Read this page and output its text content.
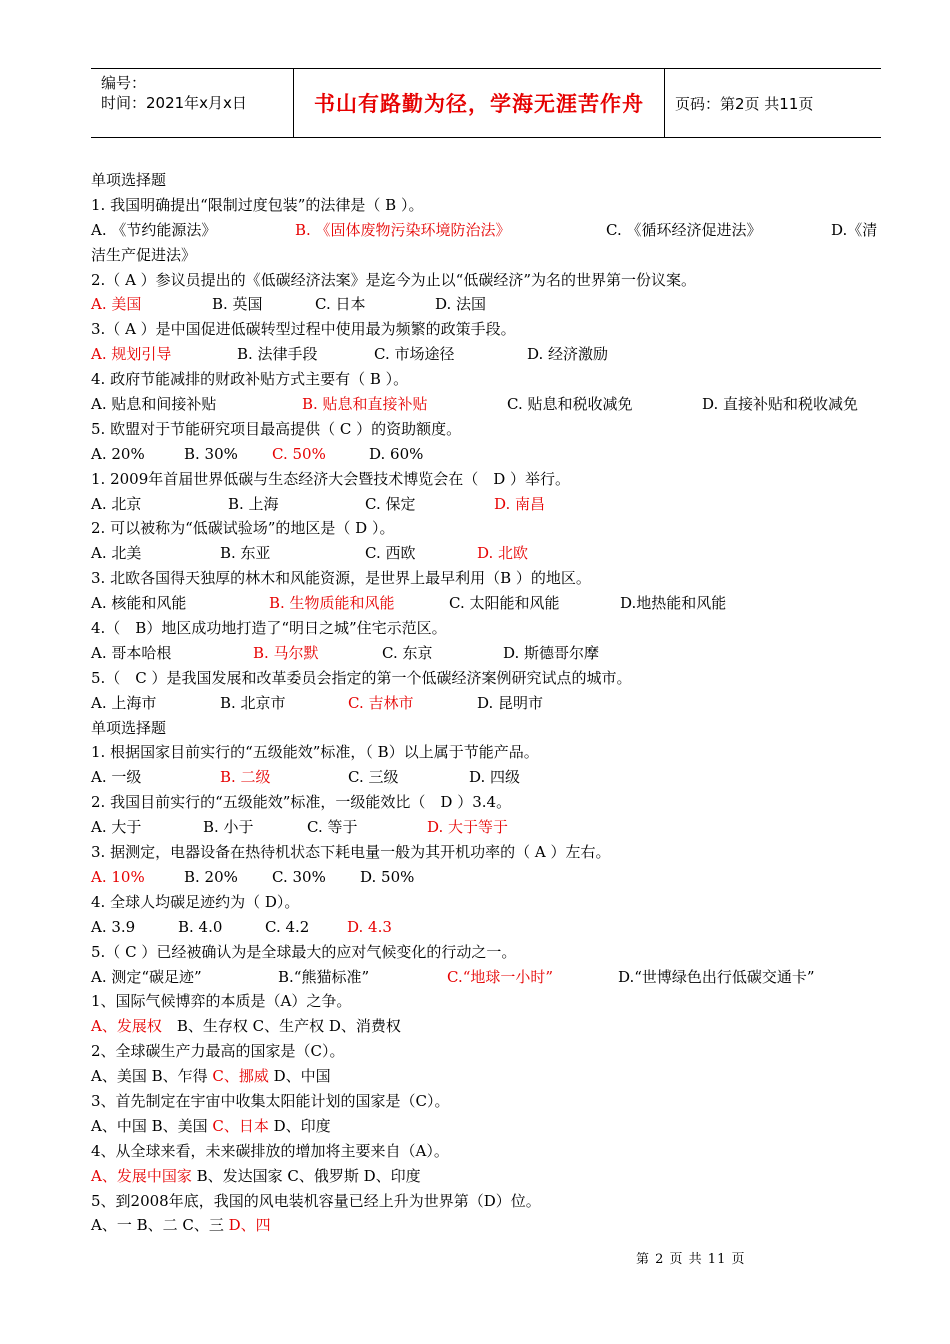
编号：
时间：2021年x月x日	书山有路勤为径，学海无涯苦作舟 页码：第2页 共11页
单项选择题
1. 我国明确提出“限制过度包装”的法律是（ B ）。
A. 《节约能源法》	B. 《固体废物污染环境防治法》	C. 《循环经济促进法》	D.《清
洁生产促进法》
2.（ A ）参议员提出的《低碳经济法案》是迄今为止以“低碳经济”为名的世界第一份议案。
A. 美国	B. 英国	C. 日本	D. 法国
3.（ A ）是中国促进低碳转型过程中使用最为频繁的政策手段。
A. 规划引导	B. 法律手段	C. 市场途径	D. 经济激励
4. 政府节能减排的财政补贴方式主要有（ B ）。
A. 贴息和间接补贴	B. 贴息和直接补贴	C. 贴息和税收减免	D. 直接补贴和税收减免
5. 欧盟对于节能研究项目最高提供（ C ）的资助额度。
A. 20%	B. 30% C. 50%	D. 60%
1. 2009年首届世界低碳与生态经济大会暨技术博览会在（　D ）举行。
A. 北京	B. 上海	C. 保定	D. 南昌
2. 可以被称为“低碳试验场”的地区是（ D ）。
A. 北美	B. 东亚	C. 西欧	D. 北欧
3. 北欧各国得天独厚的林木和风能资源，是世界上最早利用（B ）的地区。
A. 核能和风能	B. 生物质能和风能	C. 太阳能和风能	D.地热能和风能
4.（　B）地区成功地打造了“明日之城”住宅示范区。
A. 哥本哈根	B. 马尔默	C. 东京	D. 斯德哥尔摩
5.（　C ）是我国发展和改革委员会指定的第一个低碳经济案例研究试点的城市。
A. 上海市	B. 北京市	C. 吉林市	D. 昆明市
单项选择题
1. 根据国家目前实行的“五级能效”标准，（ B）以上属于节能产品。
A. 一级	B. 二级	C. 三级	D. 四级
2. 我国目前实行的“五级能效”标准，一级能效比（　D ）3.4。
A. 大于	B. 小于	C. 等于	D. 大于等于
3. 据测定，电器设备在热待机状态下耗电量一般为其开机功率的（ A ）左右。
A. 10%	B. 20% C. 30% D. 50%
4. 全球人均碳足迹约为（ D）。
A. 3.9	B. 4.0	C. 4.2	D. 4.3
5.（ C ）已经被确认为是全球最大的应对气候变化的行动之一。
A. 测定“碳足迹”	B.“熊猫标准”	C.“地球一小时”	D.“世博绿色出行低碳交通卡”
1、国际气候博弈的本质是（A）之争。
A、发展权　B、生存权 C、生产权 D、消费权
2、全球碳生产力最高的国家是（C）。
A、美国 B、乍得 C、挪威 D、中国
3、首先制定在宇宙中收集太阳能计划的国家是（C）。
A、中国 B、美国 C、日本 D、印度
4、从全球来看，未来碳排放的增加将主要来自（A）。
A、发展中国家 B、发达国家 C、俄罗斯 D、印度
5、到2008年底，我国的风电装机容量已经上升为世界第（D）位。
A、一 B、二 C、三 D、四
第 2 页 共 11 页
